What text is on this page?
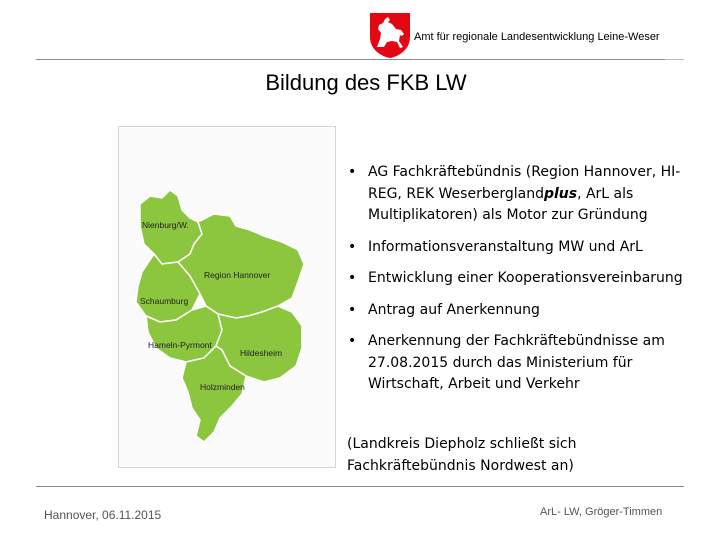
Amt für regionale Landesentwicklung Leine-Weser
Bildung des FKB LW
Nienburg/W.
Region Hannover
Schaumburg
Hameln-Pyrmont
Hildesheim
Holzminden
• AG Fachkräftebündnis (Region Hannover, HI-REG, REK Weserberglandplus, ArL als Multiplikatoren) als Motor zur Gründung
• Informationsveranstaltung MW und ArL
• Entwicklung einer Kooperationsvereinbarung
• Antrag auf Anerkennung
• Anerkennung der Fachkräftebündnisse am 27.08.2015 durch das Ministerium für Wirtschaft, Arbeit und Verkehr
(Landkreis Diepholz schließt sich Fachkräftebündnis Nordwest an)
Hannover, 06.11.2015	ArL- LW, Gröger-Timmen
